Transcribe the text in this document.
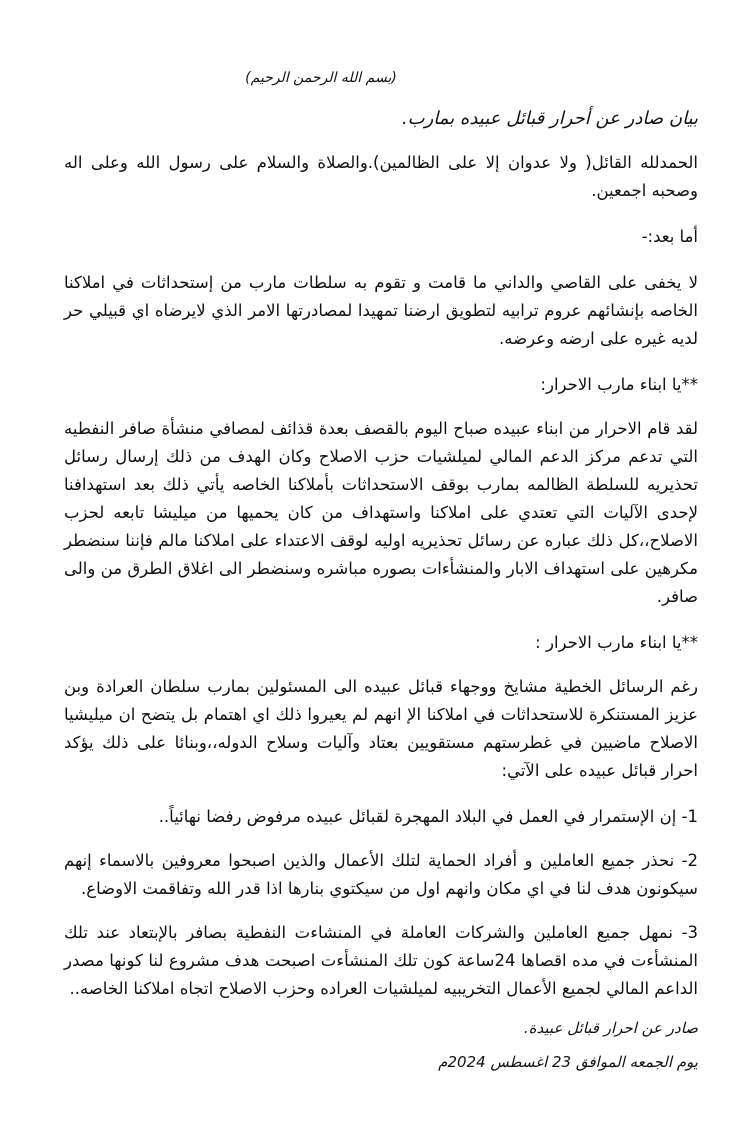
(بسم الله الرحمن الرحيم)
بيان صادر عن أحرار قبائل عبيده بمارب.

الحمدلله القائل( ولا عدوان إلا على الظالمين).والصلاة والسلام على رسول الله وعلى اله وصحبه اجمعين.

أما بعد:-

لا يخفى على القاصي والداني ما قامت و تقوم به سلطات مارب من إستحداثات في املاكنا الخاصه بإنشائهم عروم ترابيه لتطويق ارضنا تمهيدا لمصادرتها الامر الذي لايرضاه اي قبيلي حر لديه غيره على ارضه وعرضه.

**يا ابناء مارب الاحرار:

لقد قام الاحرار من ابناء عبيده صباح اليوم بالقصف بعدة قذائف لمصافي منشأة صافر النفطيه التي تدعم مركز الدعم المالي لميلشيات حزب الاصلاح وكان الهدف من ذلك إرسال رسائل تحذيريه للسلطة الظالمه بمارب بوقف الاستحداثات بأملاكنا الخاصه يأتي ذلك بعد استهدافنا لإحدى الآليات التي تعتدي على املاكنا واستهداف من كان يحميها من ميليشا تابعه لحزب الاصلاح،،كل ذلك عباره عن رسائل تحذيريه اوليه لوقف الاعتداء على املاكنا مالم فإننا سنضطر مكرهين على استهداف الابار والمنشأءات بصوره مباشره وسنضطر الى اغلاق الطرق من والى صافر.

**يا ابناء مارب الاحرار :

رغم الرسائل الخطية مشايخ ووجهاء قبائل عبيده الى المسئولين بمارب سلطان العرادة وبن عزيز المستنكرة للاستحداثات في املاكنا الإ انهم لم يعيروا ذلك اي اهتمام بل يتضح ان ميليشيا الاصلاح ماضيين في غطرستهم مستقويين بعتاد وآليات وسلاح الدوله،،وبنائا على ذلك يؤكد احرار قبائل عبيده على الآتي:

1- إن الإستمرار في العمل في البلاد المهجرة لقبائل عبيده مرفوض رفضا نهائياً..

2- نحذر جميع العاملين و أفراد الحماية لتلك الأعمال والذين اصبحوا معروفين بالاسماء إنهم سيكونون هدف لنا في اي مكان وانهم اول من سيكتوي بنارها اذا قدر الله وتفاقمت الاوضاع.

3- نمهل جميع العاملين والشركات العاملة في المنشاءت النفطية بصافر بالإبتعاد عند تلك المنشأءت في مده اقصاها 24ساعة كون تلك المنشأءت اصبحت هدف مشروع لنا كونها مصدر الداعم المالي لجميع الأعمال التخريبيه لميلشيات العراده وحزب الاصلاح اتجاه املاكنا الخاصه..

صادر عن احرار قبائل عبيدة.
يوم الجمعه الموافق 23 اغسطس 2024م
